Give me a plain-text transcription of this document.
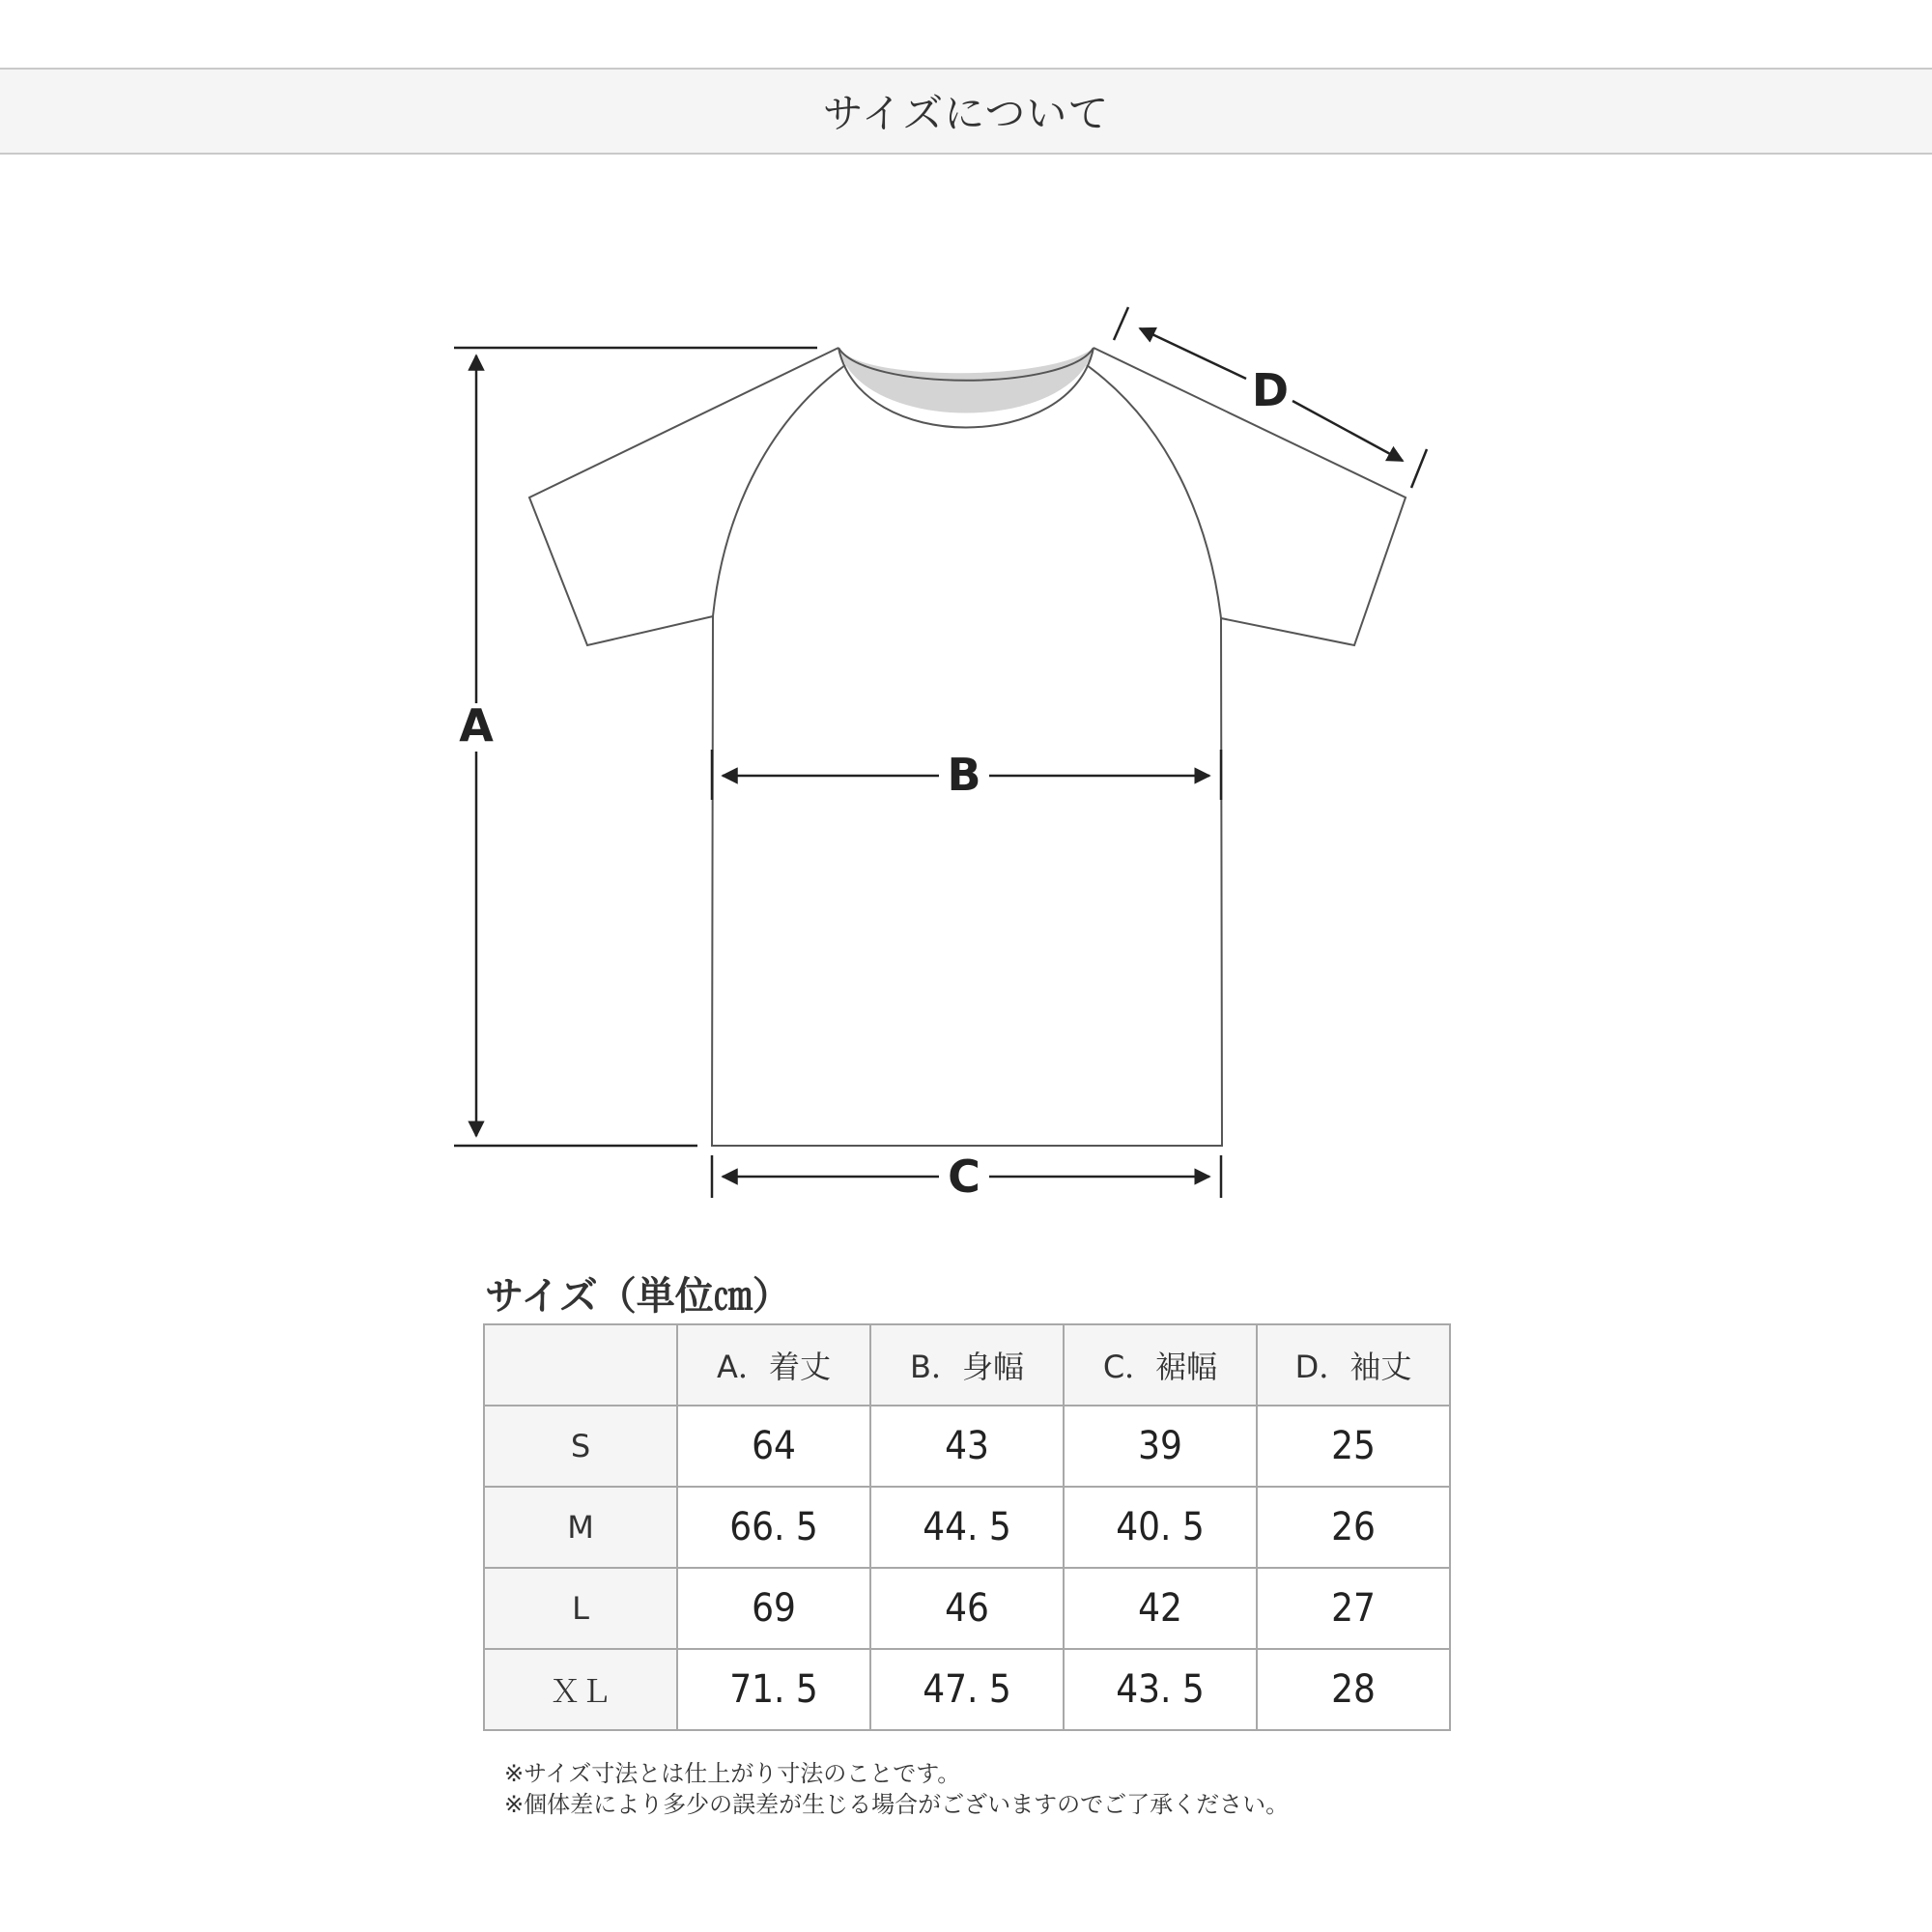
サイズについて
A
B
C
D
サイズ（単位㎝）
	A．着丈	B．身幅	C．裾幅	D．袖丈
S	64	43	39	25
M	66. 5	44. 5	40. 5	26
L	69	46	42	27
ＸＬ	71. 5	47. 5	43. 5	28
※サイズ寸法とは仕上がり寸法のことです。
※個体差により多少の誤差が生じる場合がございますのでご了承ください。
